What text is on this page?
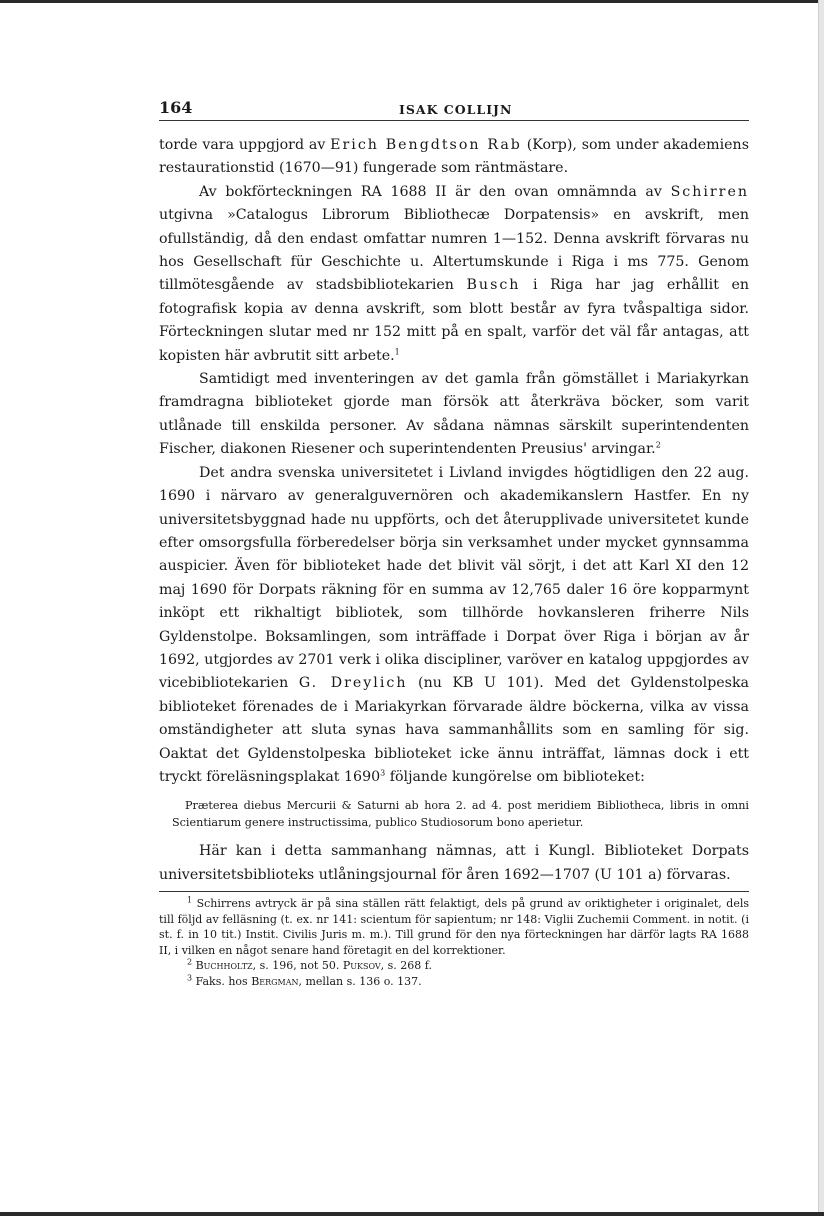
164	ISAK COLLIJN

torde vara uppgjord av Erich Bengdtson Rab (Korp), som under akademiens restaurationstid (1670—91) fungerade som räntmästare.

Av bokförteckningen RA 1688 II är den ovan omnämnda av Schirren utgivna »Catalogus Librorum Bibliothecæ Dorpatensis» en avskrift, men ofullständig, då den endast omfattar numren 1—152. Denna avskrift förvaras nu hos Gesellschaft für Geschichte u. Altertumskunde i Riga i ms 775. Genom tillmötesgående av stadsbibliotekarien Busch i Riga har jag erhållit en fotografisk kopia av denna avskrift, som blott består av fyra tvåspaltiga sidor. Förteckningen slutar med nr 152 mitt på en spalt, varför det väl får antagas, att kopisten här avbrutit sitt arbete.$^1$

Samtidigt med inventeringen av det gamla från gömstället i Mariakyrkan framdragna biblioteket gjorde man försök att återkräva böcker, som varit utlånade till enskilda personer. Av sådana nämnas särskilt superintendenten Fischer, diakonen Riesener och superintendenten Preusius' arvingar.$^2$

Det andra svenska universitetet i Livland invigdes högtidligen den 22 aug. 1690 i närvaro av generalguvernören och akademikanslern Hastfer. En ny universitetsbyggnad hade nu uppförts, och det återupplivade universitetet kunde efter omsorgsfulla förberedelser börja sin verksamhet under mycket gynnsamma auspicier. Även för biblioteket hade det blivit väl sörjt, i det att Karl XI den 12 maj 1690 för Dorpats räkning för en summa av 12,765 daler 16 öre kopparmynt inköpt ett rikhaltigt bibliotek, som tillhörde hovkansleren friherre Nils Gyldenstolpe. Boksamlingen, som inträffade i Dorpat över Riga i början av år 1692, utgjordes av 2701 verk i olika discipliner, varöver en katalog uppgjordes av vicebibliotekarien G. Dreylich (nu KB U 101). Med det Gyldenstolpeska biblioteket förenades de i Mariakyrkan förvarade äldre böckerna, vilka av vissa omständigheter att sluta synas hava sammanhållits som en samling för sig. Oaktat det Gyldenstolpeska biblioteket icke ännu inträffat, lämnas dock i ett tryckt föreläsningsplakat 1690$^3$ följande kungörelse om biblioteket:

Præterea diebus Mercurii & Saturni ab hora 2. ad 4. post meridiem Bibliotheca, libris in omni Scientiarum genere instructissima, publico Studiosorum bono aperietur.

Här kan i detta sammanhang nämnas, att i Kungl. Biblioteket Dorpats universitetsbiblioteks utlåningsjournal för åren 1692—1707 (U 101 a) förvaras.

$^1$ Schirrens avtryck är på sina ställen rätt felaktigt, dels på grund av oriktigheter i originalet, dels till följd av felläsning (t. ex. nr 141: scientum för sapientum; nr 148: Viglii Zuchemii Comment. in notit. (i st. f. in 10 tit.) Instit. Civilis Juris m. m.). Till grund för den nya förteckningen har därför lagts RA 1688 II, i vilken en något senare hand företagit en del korrektioner.

$^2$ Buchholtz, s. 196, not 50. Puksov, s. 268 f.

$^3$ Faks. hos Bergman, mellan s. 136 o. 137.
